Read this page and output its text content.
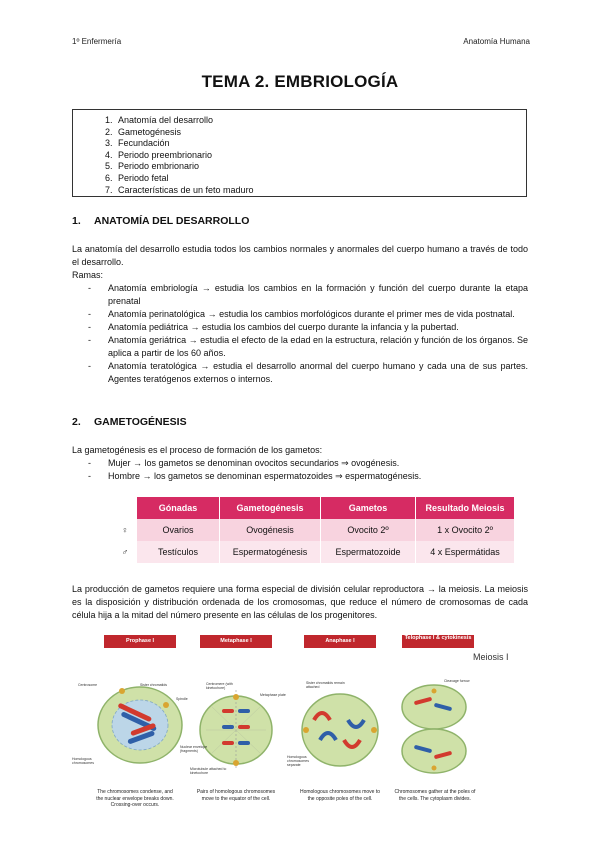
1º Enfermería	Anatomía Humana
TEMA 2. EMBRIOLOGÍA
1. Anatomía del desarrollo
2. Gametogénesis
3. Fecundación
4. Periodo preembrionario
5. Periodo embrionario
6. Periodo fetal
7. Características de un feto maduro
1. ANATOMÍA DEL DESARROLLO
La anatomía del desarrollo estudia todos los cambios normales y anormales del cuerpo humano a través de todo el desarrollo.
Ramas:
- Anatomía embriología → estudia los cambios en la formación y función del cuerpo durante la etapa prenatal
- Anatomía perinatológica → estudia los cambios morfológicos durante el primer mes de vida postnatal.
- Anatomía pediátrica → estudia los cambios del cuerpo durante la infancia y la pubertad.
- Anatomía geriátrica → estudia el efecto de la edad en la estructura, relación y función de los órganos. Se aplica a partir de los 60 años.
- Anatomía teratológica → estudia el desarrollo anormal del cuerpo humano y cada una de sus partes. Agentes teratógenos externos o internos.
2. GAMETOGÉNESIS
La gametogénesis es el proceso de formación de los gametos:
- Mujer → los gametos se denominan ovocitos secundarios ⇒ ovogénesis.
- Hombre → los gametos se denominan espermatozoides ⇒ espermatogénesis.
	Gónadas	Gametogénesis	Gametos	Resultado Meiosis
♀	Ovarios	Ovogénesis	Ovocito 2º	1 x Ovocito 2º
♂	Testículos	Espermatogénesis	Espermatozoide	4 x Espermátidas
La producción de gametos requiere una forma especial de división celular reproductora → la meiosis. La meiosis es la disposición y distribución ordenada de los cromosomas, que reduce el número de cromosomas de cada célula hija a la mitad del número presente en las células de los progenitores.
Prophase I	Metaphase I	Anaphase I	Telophase I & cytokinesis
Meiosis I
Centrosome	Sister chromatids
Spindle
Nuclear envelope (fragments)
Homologous chromosomes
Centromere (with kinetochore)
Metaphase plate
Microtubule attached to kinetochore
Sister chromatids remain attached
Homologous chromosomes separate
Cleavage furrow
The chromosomes condense, and the nuclear envelope breaks down. Crossing-over occurs.
Pairs of homologous chromosomes move to the equator of the cell.
Homologous chromosomes move to the opposite poles of the cell.
Chromosomes gather at the poles of the cells. The cytoplasm divides.
